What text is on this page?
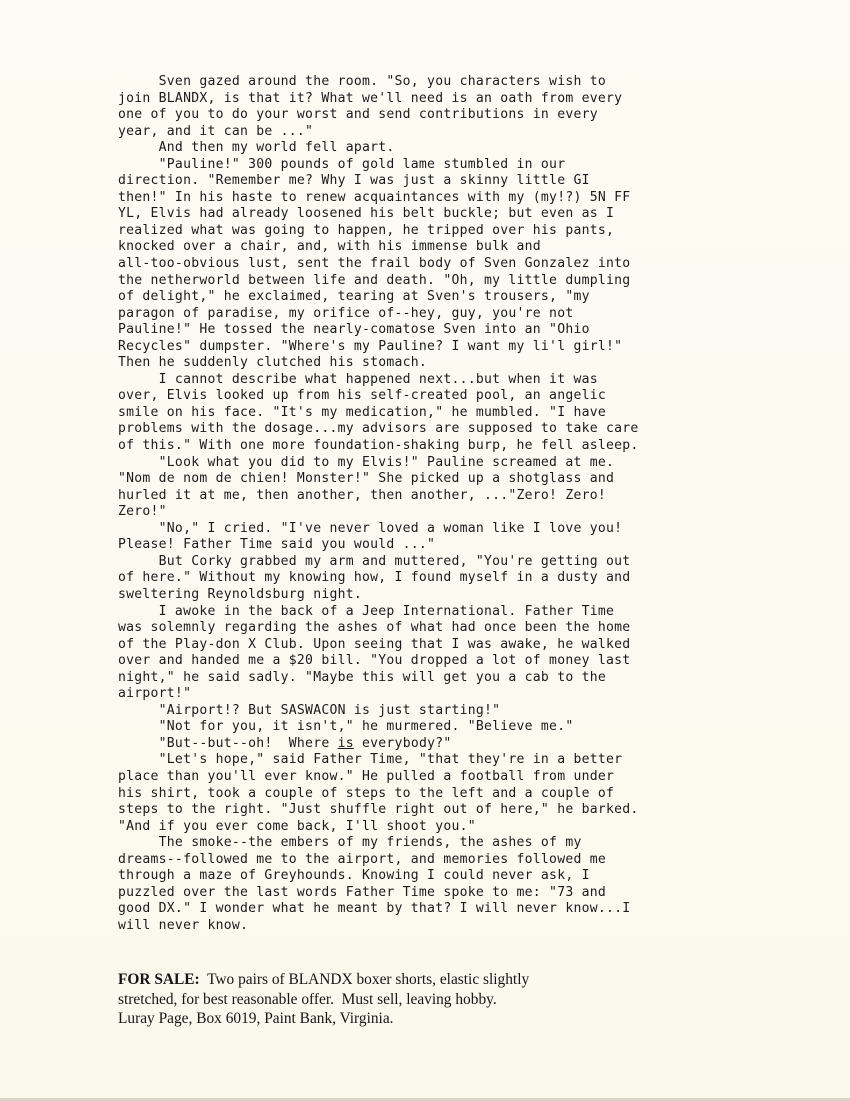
Sven gazed around the room. "So, you characters wish to
join BLANDX, is that it? What we'll need is an oath from every
one of you to do your worst and send contributions in every
year, and it can be ..."
And then my world fell apart.
"Pauline!" 300 pounds of gold lame stumbled in our
direction. "Remember me? Why I was just a skinny little GI
then!" In his haste to renew acquaintances with my (my!?) 5N FF
YL, Elvis had already loosened his belt buckle; but even as I
realized what was going to happen, he tripped over his pants,
knocked over a chair, and, with his immense bulk and
all-too-obvious lust, sent the frail body of Sven Gonzalez into
the netherworld between life and death. "Oh, my little dumpling
of delight," he exclaimed, tearing at Sven's trousers, "my
paragon of paradise, my orifice of--hey, guy, you're not
Pauline!" He tossed the nearly-comatose Sven into an "Ohio
Recycles" dumpster. "Where's my Pauline? I want my li'l girl!"
Then he suddenly clutched his stomach.
I cannot describe what happened next...but when it was
over, Elvis looked up from his self-created pool, an angelic
smile on his face. "It's my medication," he mumbled. "I have
problems with the dosage...my advisors are supposed to take care
of this." With one more foundation-shaking burp, he fell asleep.
"Look what you did to my Elvis!" Pauline screamed at me.
"Nom de nom de chien! Monster!" She picked up a shotglass and
hurled it at me, then another, then another, ..."Zero! Zero!
Zero!"
"No," I cried. "I've never loved a woman like I love you!
Please! Father Time said you would ..."
But Corky grabbed my arm and muttered, "You're getting out
of here." Without my knowing how, I found myself in a dusty and
sweltering Reynoldsburg night.
I awoke in the back of a Jeep International. Father Time
was solemnly regarding the ashes of what had once been the home
of the Play-don X Club. Upon seeing that I was awake, he walked
over and handed me a $20 bill. "You dropped a lot of money last
night," he said sadly. "Maybe this will get you a cab to the
airport!"
"Airport!? But SASWACON is just starting!"
"Not for you, it isn't," he murmered. "Believe me."
"But--but--oh!  Where is everybody?"
"Let's hope," said Father Time, "that they're in a better
place than you'll ever know." He pulled a football from under
his shirt, took a couple of steps to the left and a couple of
steps to the right. "Just shuffle right out of here," he barked.
"And if you ever come back, I'll shoot you."
The smoke--the embers of my friends, the ashes of my
dreams--followed me to the airport, and memories followed me
through a maze of Greyhounds. Knowing I could never ask, I
puzzled over the last words Father Time spoke to me: "73 and
good DX." I wonder what he meant by that? I will never know...I
will never know.
FOR SALE:  Two pairs of BLANDX boxer shorts, elastic slightly
stretched, for best reasonable offer.  Must sell, leaving hobby.
Luray Page, Box 6019, Paint Bank, Virginia.
